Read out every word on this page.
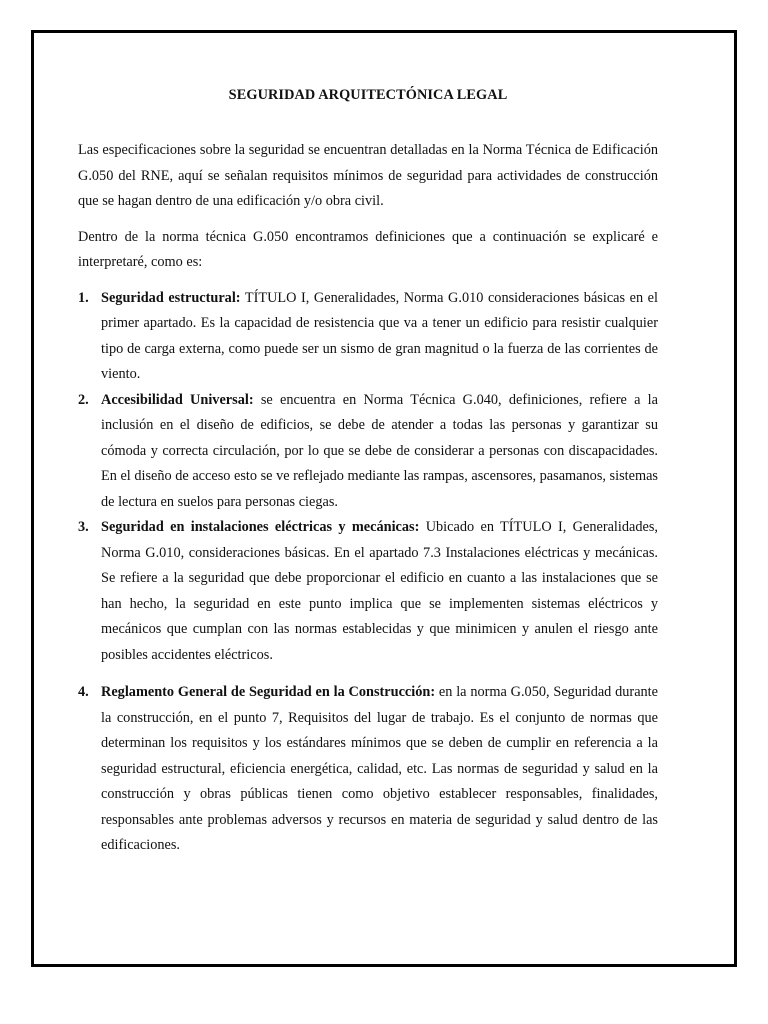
SEGURIDAD ARQUITECTÓNICA LEGAL

Las especificaciones sobre la seguridad se encuentran detalladas en la Norma Técnica de Edificación G.050 del RNE, aquí se señalan requisitos mínimos de seguridad para actividades de construcción que se hagan dentro de una edificación y/o obra civil.

Dentro de la norma técnica G.050 encontramos definiciones que a continuación se explicaré e interpretaré, como es:

1. Seguridad estructural: TÍTULO I, Generalidades, Norma G.010 consideraciones básicas en el primer apartado. Es la capacidad de resistencia que va a tener un edificio para resistir cualquier tipo de carga externa, como puede ser un sismo de gran magnitud o la fuerza de las corrientes de viento.
2. Accesibilidad Universal: se encuentra en Norma Técnica G.040, definiciones, refiere a la inclusión en el diseño de edificios, se debe de atender a todas las personas y garantizar su cómoda y correcta circulación, por lo que se debe de considerar a personas con discapacidades. En el diseño de acceso esto se ve reflejado mediante las rampas, ascensores, pasamanos, sistemas de lectura en suelos para personas ciegas.
3. Seguridad en instalaciones eléctricas y mecánicas: Ubicado en TÍTULO I, Generalidades, Norma G.010, consideraciones básicas. En el apartado 7.3 Instalaciones eléctricas y mecánicas. Se refiere a la seguridad que debe proporcionar el edificio en cuanto a las instalaciones que se han hecho, la seguridad en este punto implica que se implementen sistemas eléctricos y mecánicos que cumplan con las normas establecidas y que minimicen y anulen el riesgo ante posibles accidentes eléctricos.
4. Reglamento General de Seguridad en la Construcción: en la norma G.050, Seguridad durante la construcción, en el punto 7, Requisitos del lugar de trabajo. Es el conjunto de normas que determinan los requisitos y los estándares mínimos que se deben de cumplir en referencia a la seguridad estructural, eficiencia energética, calidad, etc. Las normas de seguridad y salud en la construcción y obras públicas tienen como objetivo establecer responsables, finalidades, responsables ante problemas adversos y recursos en materia de seguridad y salud dentro de las edificaciones.
